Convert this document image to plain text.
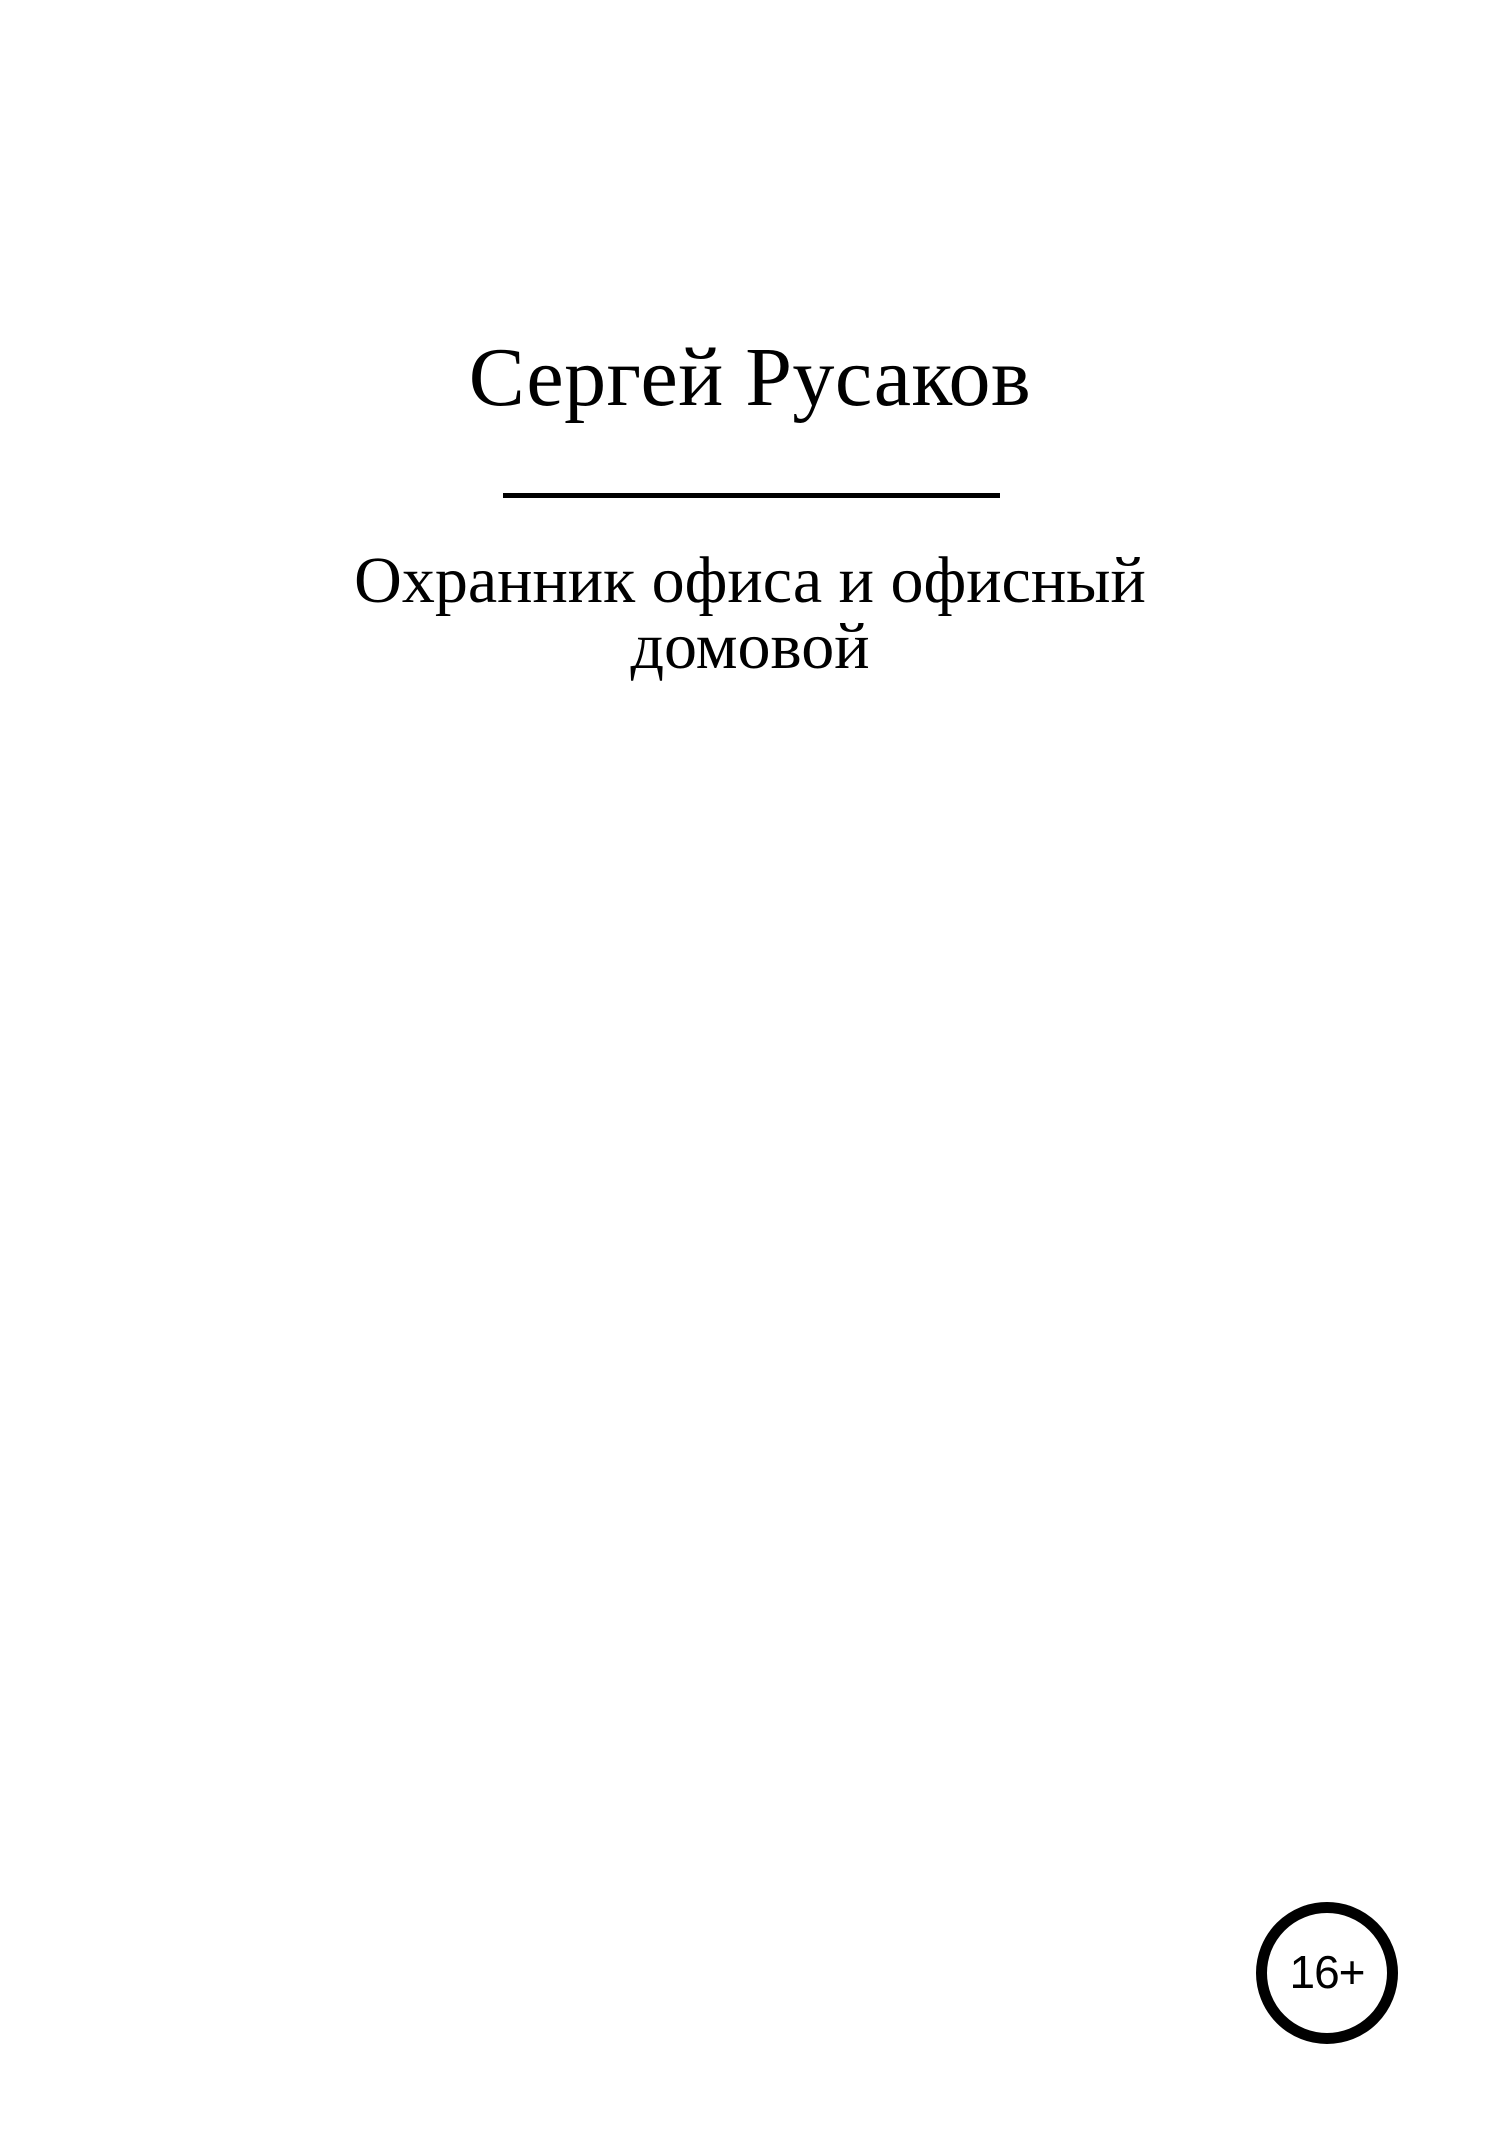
Сергей Русаков
Охранник офиса и офисный домовой
16+
